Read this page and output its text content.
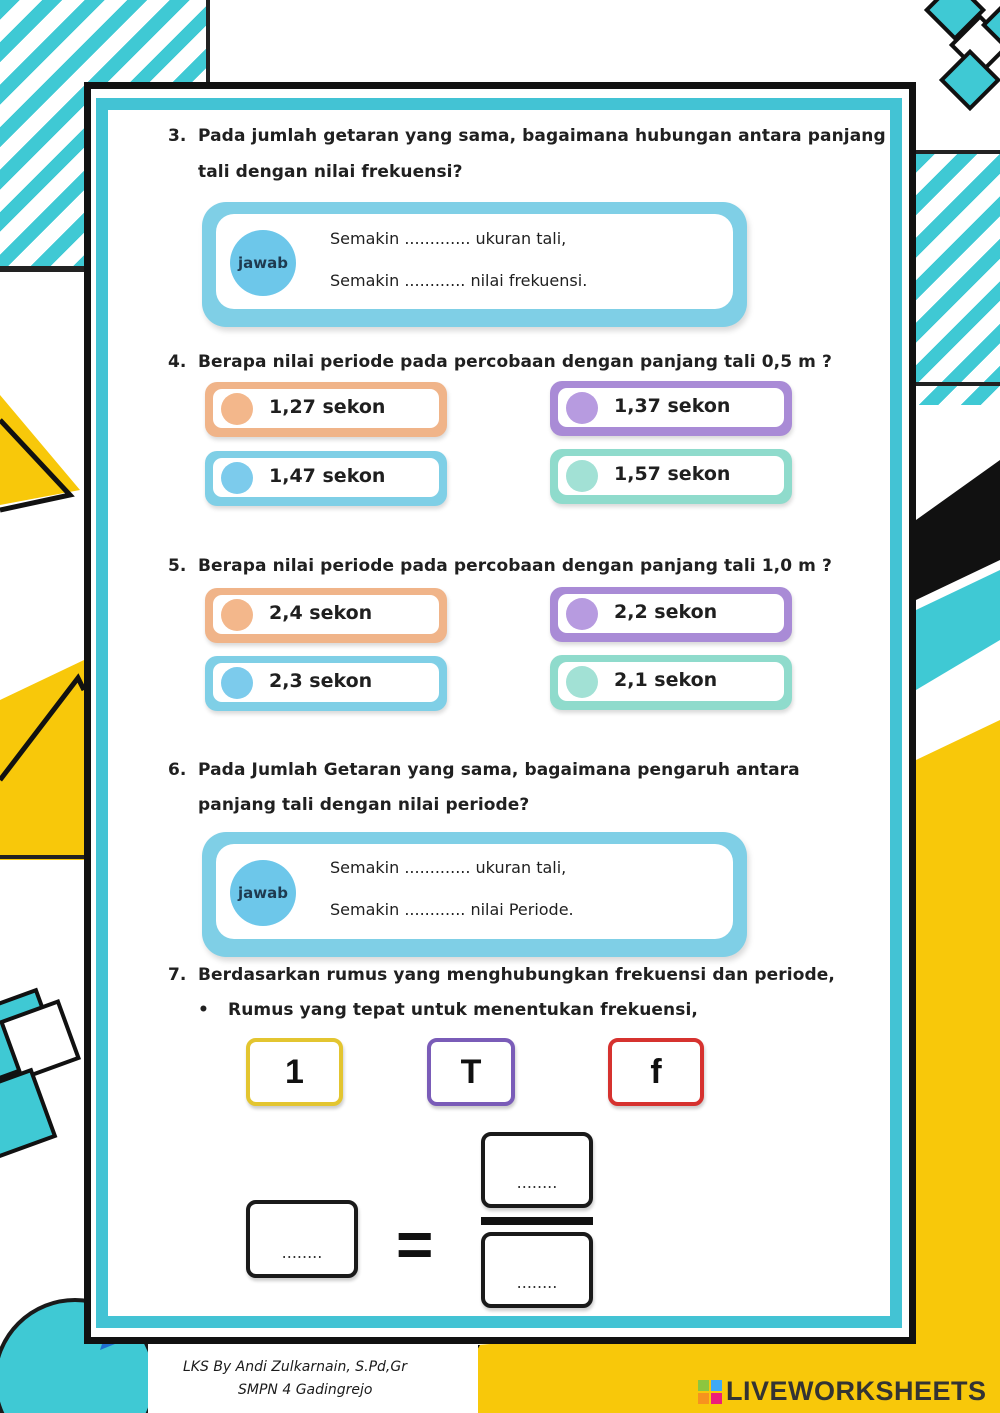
3. Pada jumlah getaran yang sama, bagaimana hubungan antara panjang
tali dengan nilai frekuensi?
jawab
Semakin ............. ukuran tali,
Semakin ............ nilai frekuensi.
4. Berapa nilai periode pada percobaan dengan panjang tali 0,5 m ?
1,27 sekon	1,37 sekon
1,47 sekon	1,57 sekon
5. Berapa nilai periode pada percobaan dengan panjang tali 1,0 m ?
2,4 sekon	2,2 sekon
2,3 sekon	2,1 sekon
6. Pada Jumlah Getaran yang sama, bagaimana pengaruh antara
panjang tali dengan nilai periode?
jawab
Semakin ............. ukuran tali,
Semakin ............ nilai Periode.
7. Berdasarkan rumus yang menghubungkan frekuensi dan periode,
• Rumus yang tepat untuk menentukan frekuensi,
1	T	f
........	=
........
........
LKS By Andi Zulkarnain, S.Pd,Gr
SMPN 4 Gadingrejo	LIVEWORKSHEETS
